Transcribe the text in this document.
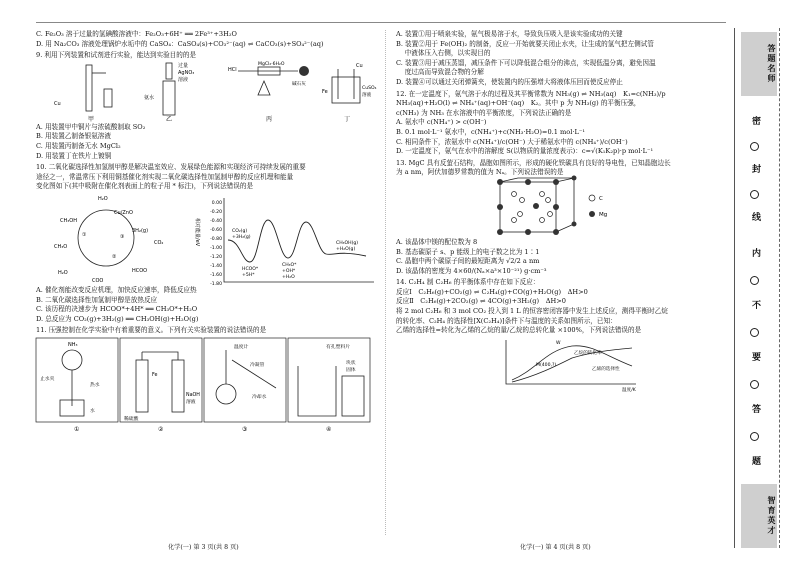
C. Fe₂O₃ 溶于过量的氢碘酸溶液中：Fe₂O₃+6H⁺ ══ 2Fe³⁺+3H₂O

D. 用 Na₂CO₃ 溶液处理锅炉水垢中的 CaSO₄：CaSO₄(s)+CO₃²⁻(aq) ⇌ CaCO₃(s)+SO₄²⁻(aq)

9. 利用下列装置和试剂进行实验，能达到实验目的的是

Cu
过量
AgNO₃
溶液
氨水
HCl
MgCl₂·6H₂O
碱石灰
Fe
Cu
CuSO₄
溶液
甲	乙	丙	丁

A. 用装置甲中铜片与浓硫酸制取 SO₂

B. 用装置乙制备银氨溶液

C. 用装置丙制备无水 MgCl₂

D. 用装置丁在铁片上镀铜

10. 二氧化碳选择性加氢制甲醇是解决温室效应、发展绿色能源和实现经济可持续发展的重要

途径之一，常温常压下利用铜基催化剂实现二氧化碳选择性加氢制甲醇的反应机理和能量

变化图如下(其中吸附在催化剂表面上的粒子用 * 标注)，下列说法错误的是

H₂O
Cu/ZnO
CH₃OH
3H₂(g)
CO₂
CH₃O
①
②
③
HCOO
H₂O
COO
相对能量/eV
0.00
-0.20
-0.40
-0.60
-0.80
-1.00
-1.20
-1.40
-1.60
-1.80
CO₂(g)
+3H₂(g)
HCOO*
+5H*
CH₃O*
+OH*
+H₂O
CH₃OH(g)
+H₂O(g)

A. 催化剂能改变反应机理，加快反应速率，降低反应热

B. 二氧化碳选择性加氢制甲醇是放热反应

C. 该历程的决速步为 HCOO*+4H* ══ CH₃O*+H₂O

D. 总反应为 CO₂(g)+3H₂(g) ══ CH₃OH(g)+H₂O(g)

11. 压强控制在化学实验中有着重要的意义。下列有关实验装置的说法错误的是

NH₃
止水夹
热水
水
Fe
稀硫酸
NaOH
溶液
温度计
冷凝管
冷却水
有孔塑料片
块状
固体
①	②	③	④

A. 装置①用于喷泉实验，氨气极易溶于水，导致负压吸入是该实验成功的关键

B. 装置②用于 Fe(OH)₂ 的制备，反应一开始就要关闭止水夹，让生成的氢气把左侧试管

　 中液体压入右侧，以实现目的

C. 装置③用于减压蒸馏，减压条件下可以降低混合组分的沸点，实现低温分离，避免因温

　 度过高而导致混合物的分解

D. 装置④可以通过关闭弹簧夹，使装置内的压强增大将液体压回而使反应停止

12. 在一定温度下，氨气溶于水的过程及其平衡常数为 NH₃(g) ⇌ NH₃(aq)　K₁=c(NH₃)/p

NH₃(aq)+H₂O(l) ⇌ NH₄⁺(aq)+OH⁻(aq)　K₂。其中 p 为 NH₃(g) 的平衡压强，

c(NH₃) 为 NH₃ 在水溶液中的平衡浓度，下列说法正确的是

A. 氨水中 c(NH₄⁺) > c(OH⁻)

B. 0.1 mol·L⁻¹ 氨水中，c(NH₄⁺)+c(NH₃·H₂O)=0.1 mol·L⁻¹

C. 相同条件下，浓氨水中 c(NH₄⁺)/c(OH⁻) 大于稀氨水中的 c(NH₄⁺)/c(OH⁻)

D. 一定温度下，氨气在水中的溶解度 S(以物质的量浓度表示)：c=√(K₁K₂p)·p mol·L⁻¹

13. MgC 具有反萤石结构，晶胞如图所示，形成的硬化铁碳具有良好的导电性，已知晶胞边长

为 a nm，阿伏加德罗常数的值为 Nₐ。下列说法错误的是

C
Mg

A. 该晶体中镁的配位数为 8

B. 基态碳原子 s、p 能级上的电子数之比为 1∶1

C. 晶胞中两个碳原子间的最短距离为 √2/2 a nm

D. 该晶体的密度为 4×60/(Nₐ×a³×10⁻²¹) g·cm⁻³

14. C₂H₄ 制 C₂H₆ 的平衡体系中存在如下反应：

反应Ⅰ　C₂H₆(g)+CO₂(g) ⇌ C₂H₄(g)+CO(g)+H₂O(g)　ΔH>0

反应Ⅱ　C₂H₆(g)+2CO₂(g) ⇌ 4CO(g)+3H₂(g)　ΔH>0

将 2 mol C₂H₆ 和 3 mol CO₂ 投入到 1 L 的恒容密闭容器中发生上述反应，测得平衡时乙烷

的转化率、C₂H₄ 的选择性[X(C₂H₄)]条件下与温度的关系如图所示，已知：

乙烯的选择性=转化为乙烯的乙烷的量/乙烷的总转化量 ×100%，下列说法错误的是

乙烷的转化率
乙烯的选择性
温度/K
M(400,?)
W
化学(一) 第 3 页(共 8 页)	化学(一) 第 4 页(共 8 页)
答题名师
密
封
线
内
不
要
答
题
智育英才
